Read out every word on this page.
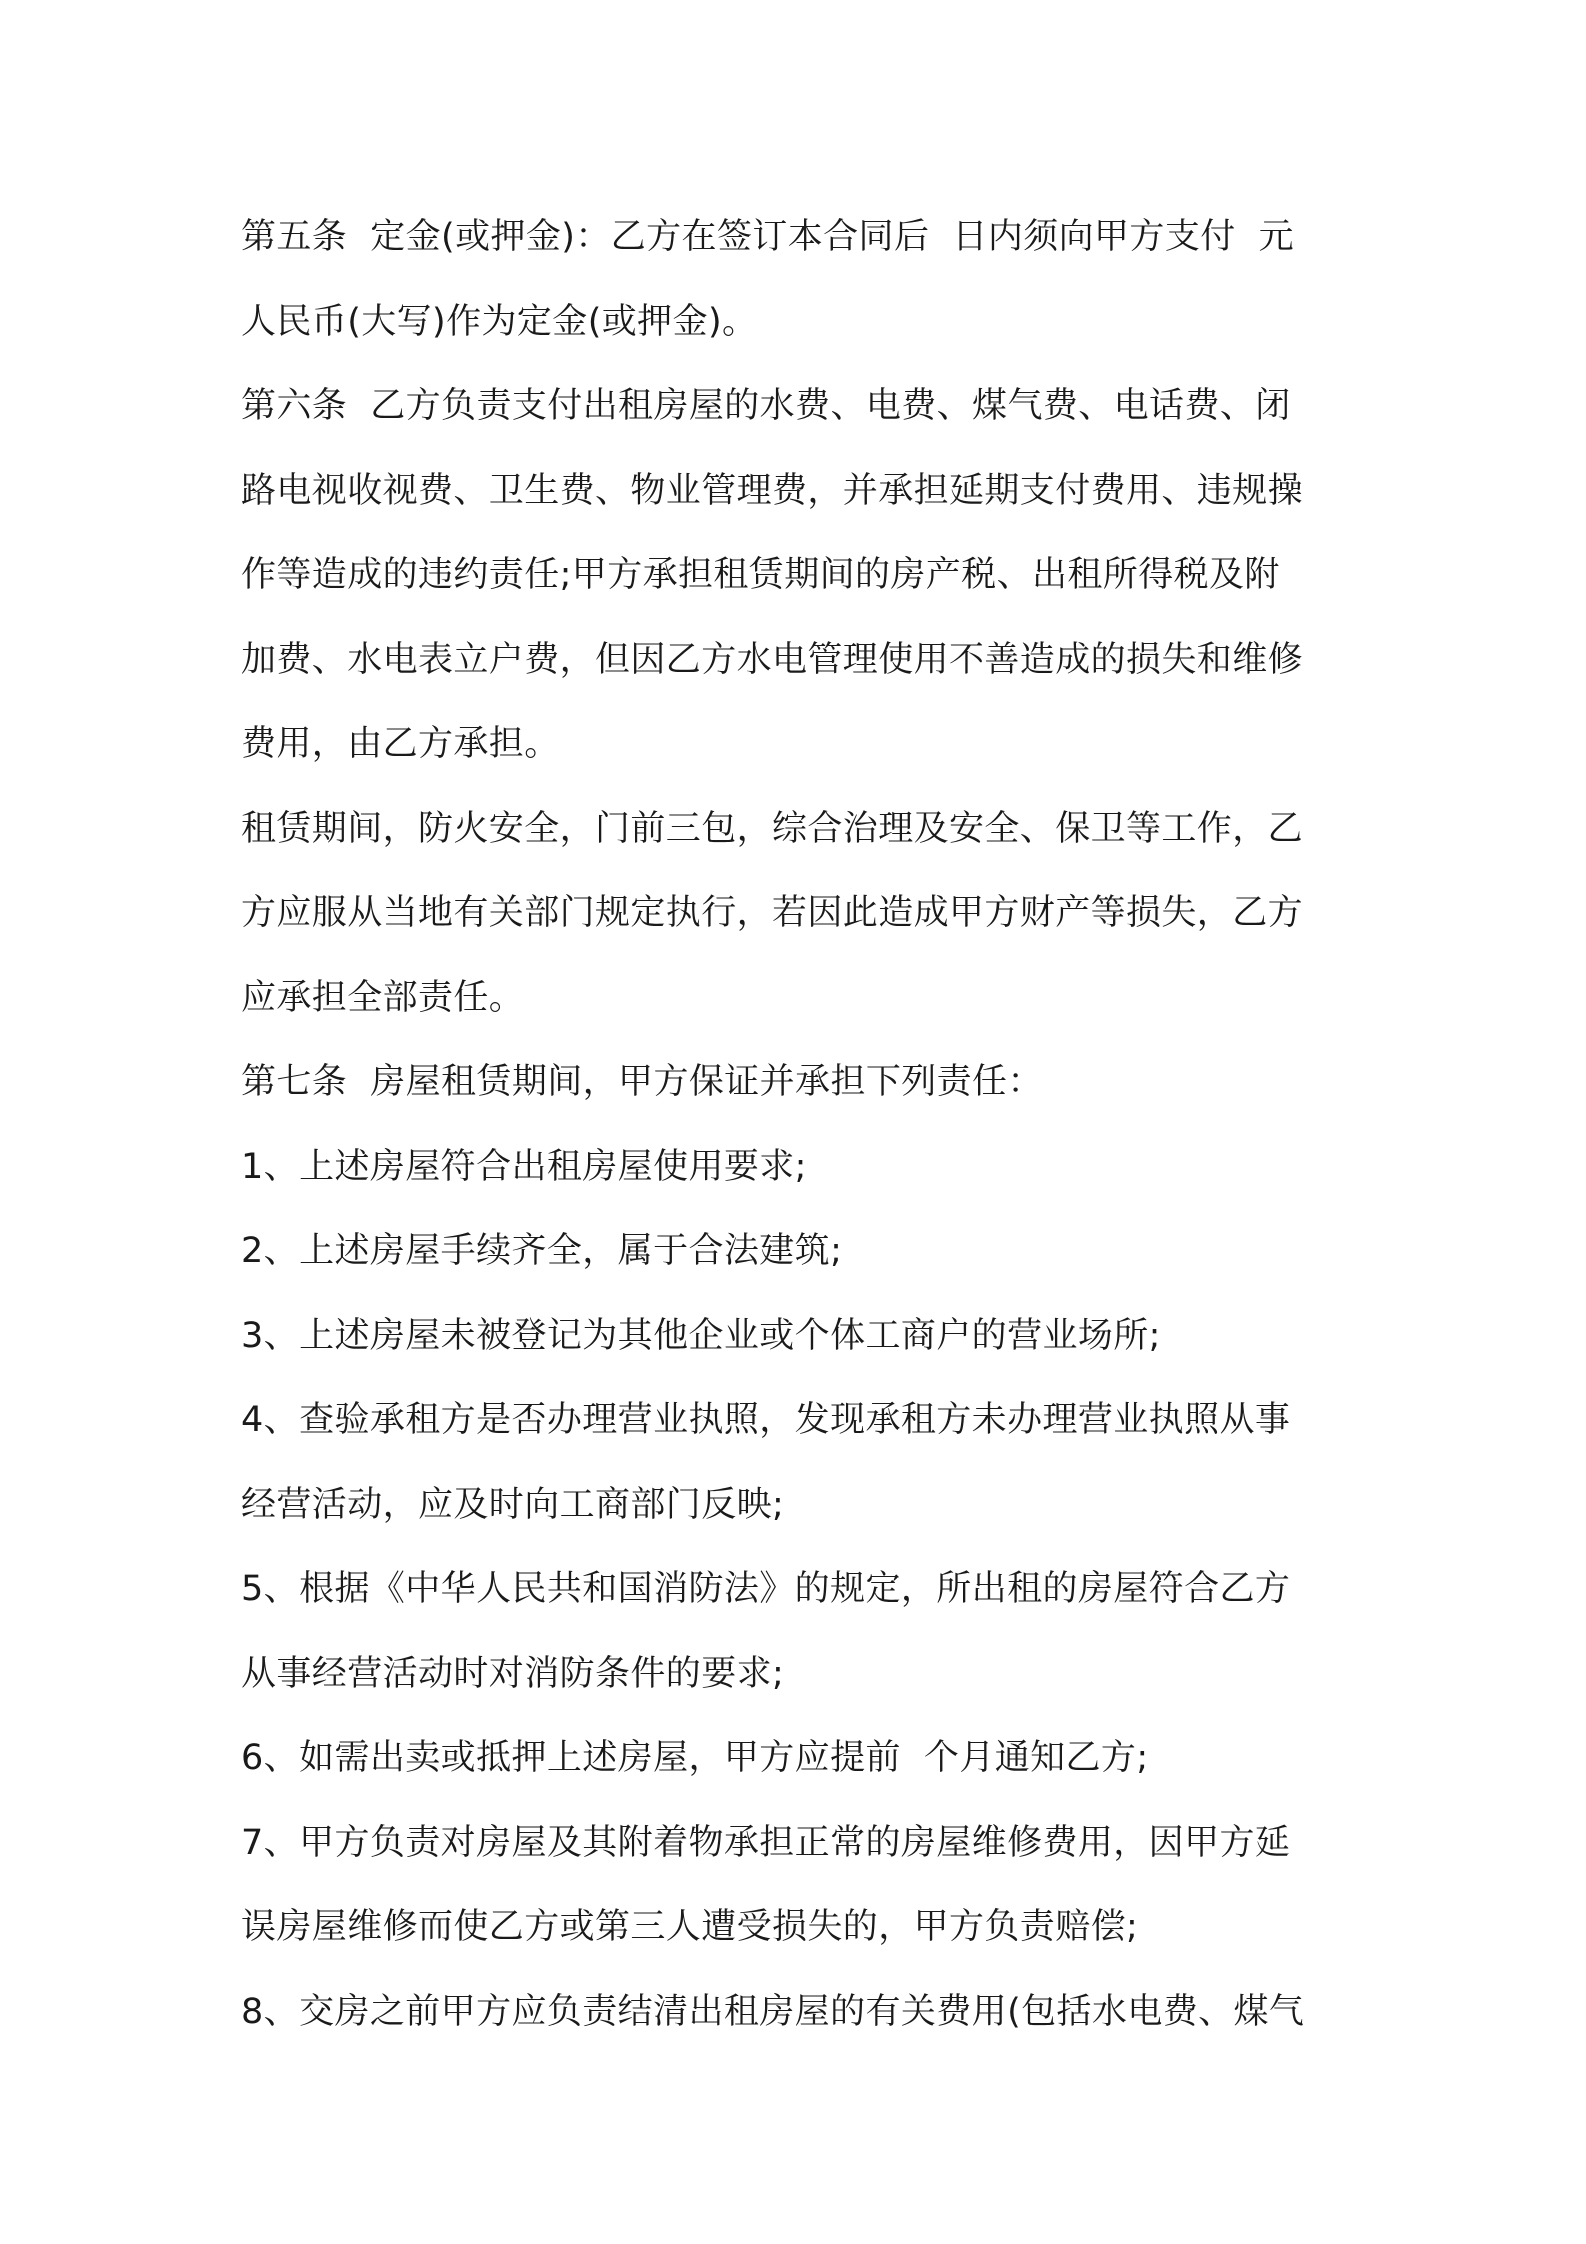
第五条  定金(或押金)：乙方在签订本合同后  日内须向甲方支付  元
人民币(大写)作为定金(或押金)。
第六条  乙方负责支付出租房屋的水费、电费、煤气费、电话费、闭
路电视收视费、卫生费、物业管理费，并承担延期支付费用、违规操
作等造成的违约责任;甲方承担租赁期间的房产税、出租所得税及附
加费、水电表立户费，但因乙方水电管理使用不善造成的损失和维修
费用，由乙方承担。
租赁期间，防火安全，门前三包，综合治理及安全、保卫等工作，乙
方应服从当地有关部门规定执行，若因此造成甲方财产等损失，乙方
应承担全部责任。
第七条  房屋租赁期间，甲方保证并承担下列责任：
1、上述房屋符合出租房屋使用要求;
2、上述房屋手续齐全，属于合法建筑;
3、上述房屋未被登记为其他企业或个体工商户的营业场所;
4、查验承租方是否办理营业执照，发现承租方未办理营业执照从事
经营活动，应及时向工商部门反映;
5、根据《中华人民共和国消防法》的规定，所出租的房屋符合乙方
从事经营活动时对消防条件的要求;
6、如需出卖或抵押上述房屋，甲方应提前  个月通知乙方;
7、甲方负责对房屋及其附着物承担正常的房屋维修费用，因甲方延
误房屋维修而使乙方或第三人遭受损失的，甲方负责赔偿;
8、交房之前甲方应负责结清出租房屋的有关费用(包括水电费、煤气
